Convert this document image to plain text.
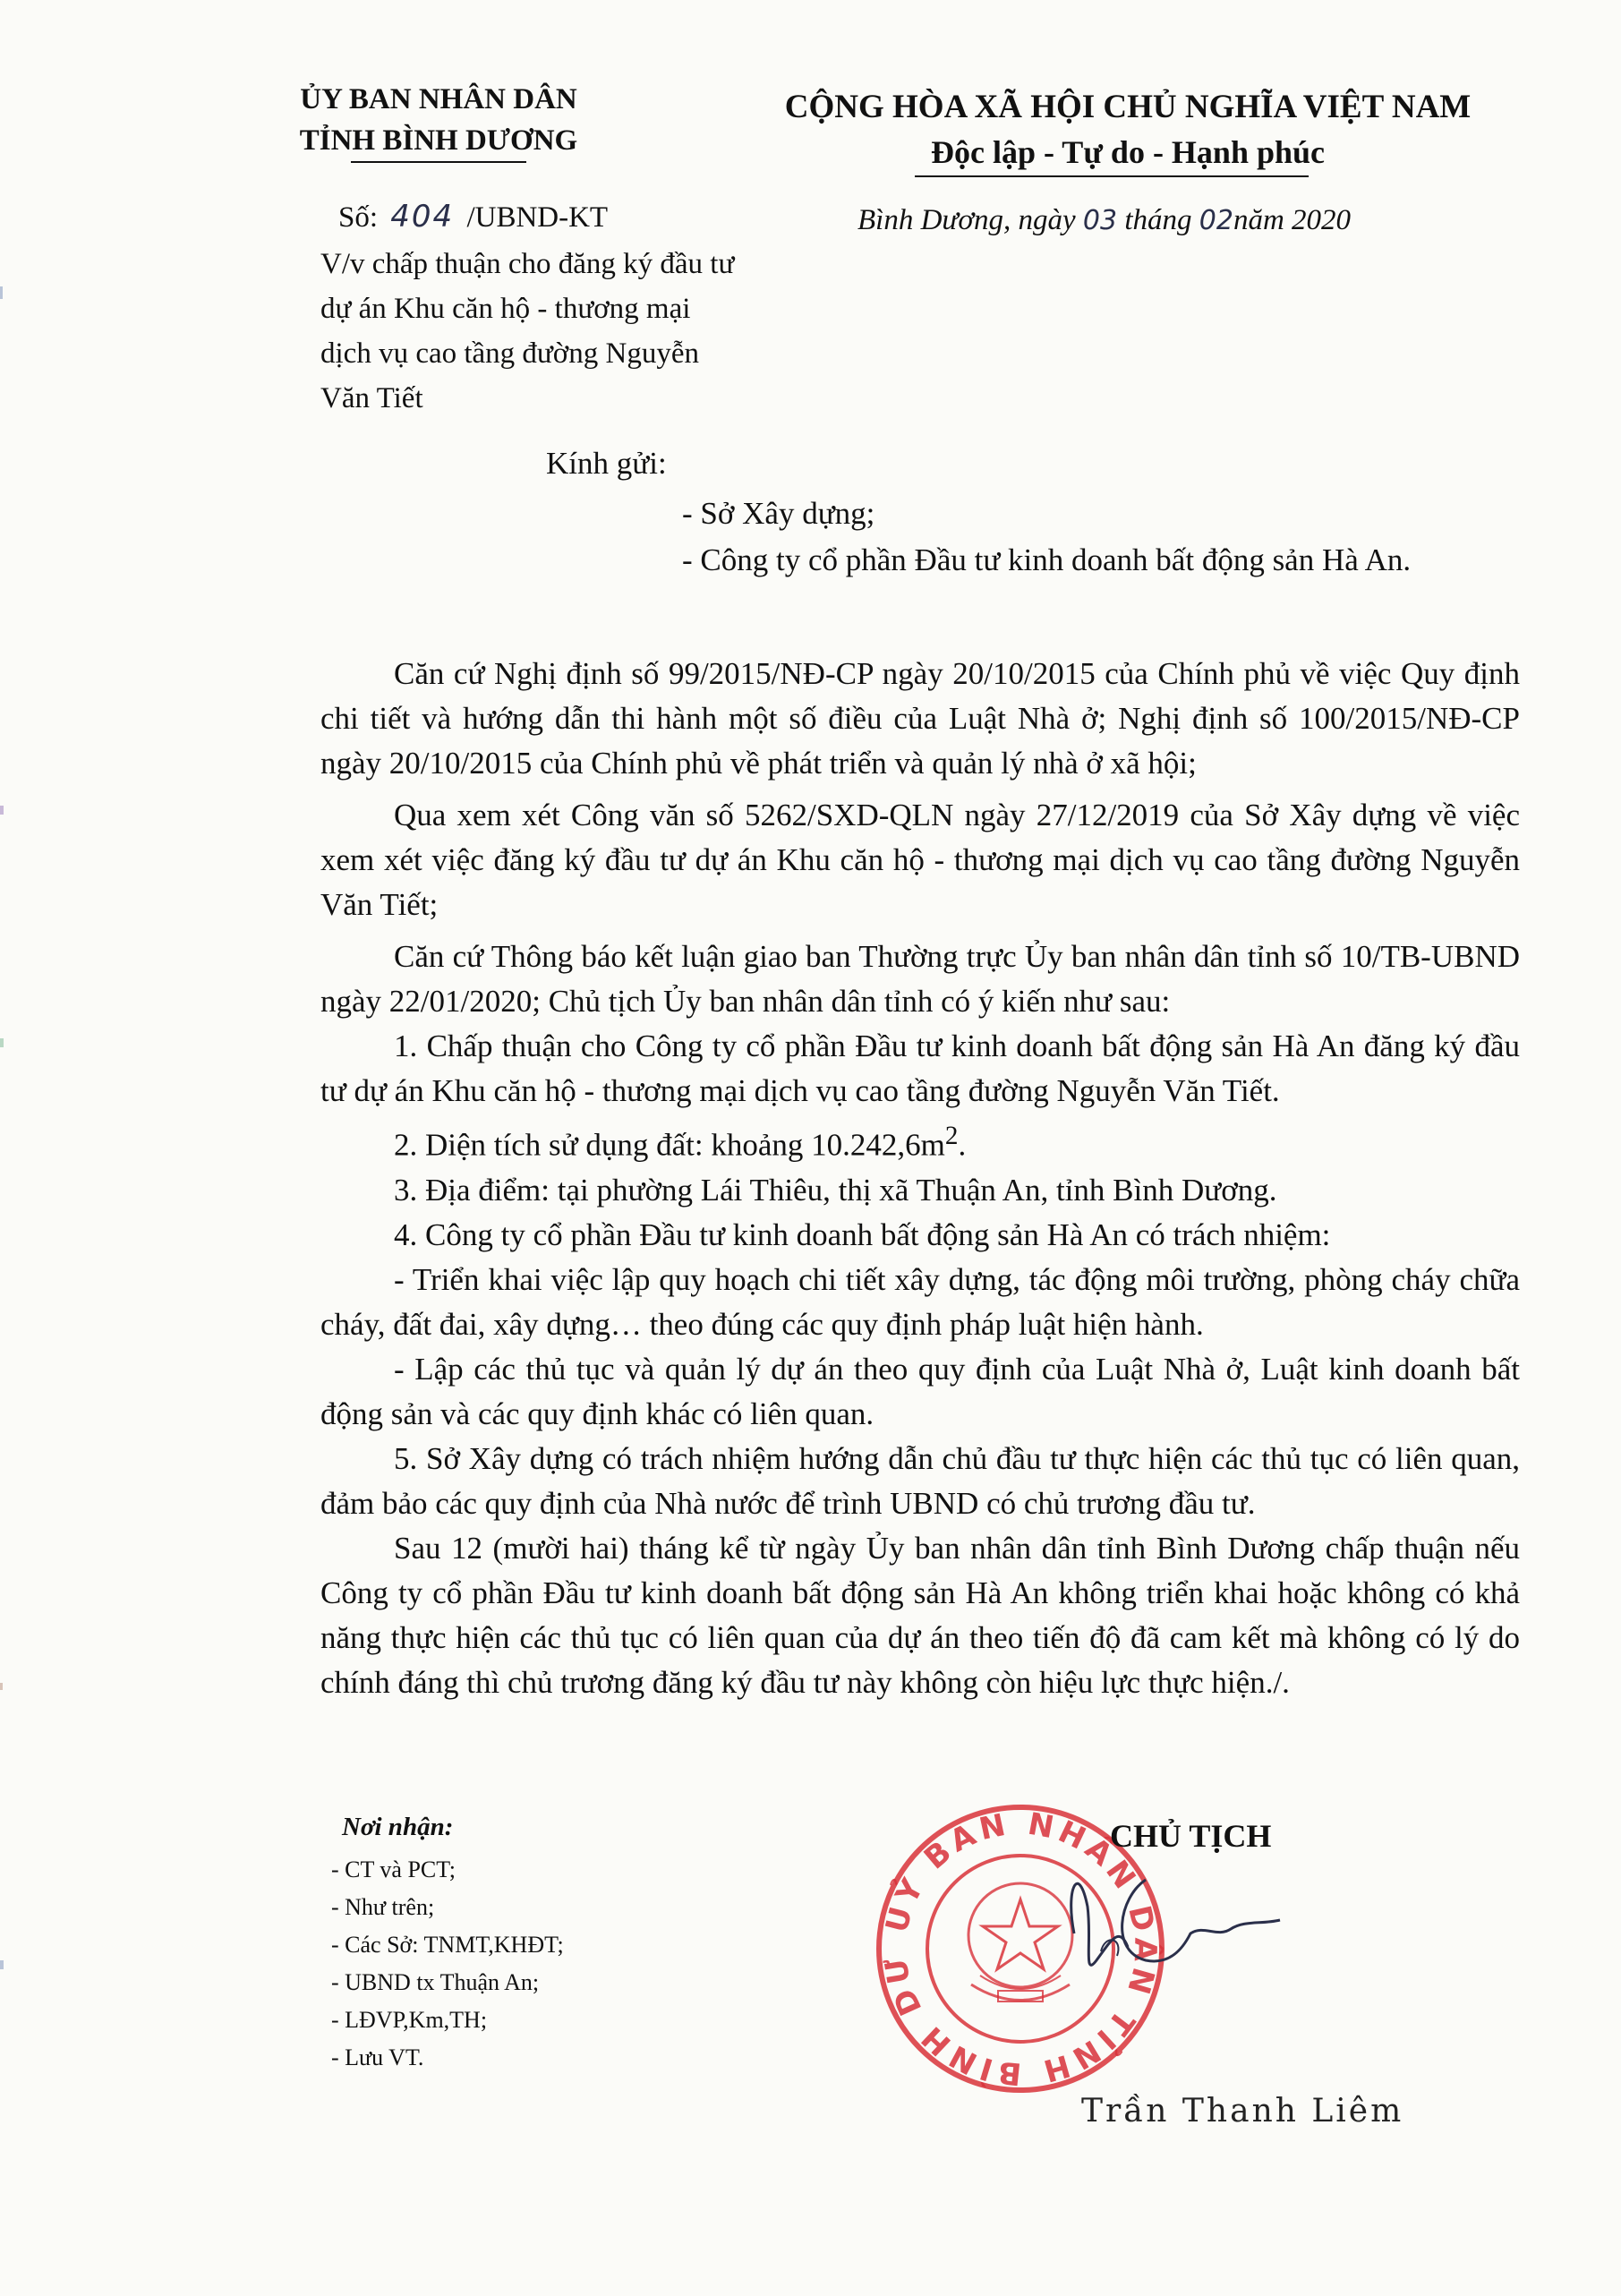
ỦY BAN NHÂN DÂN
TỈNH BÌNH DƯƠNG
CỘNG HÒA XÃ HỘI CHỦ NGHĨA VIỆT NAM
Độc lập - Tự do - Hạnh phúc
Số: 404 /UBND-KT
V/v chấp thuận cho đăng ký đầu tư dự án Khu căn hộ - thương mại dịch vụ cao tầng đường Nguyễn Văn Tiết
Bình Dương, ngày 03 tháng 02năm 2020
Kính gửi:
- Sở Xây dựng;
- Công ty cổ phần Đầu tư kinh doanh bất động sản Hà An.

Căn cứ Nghị định số 99/2015/NĐ-CP ngày 20/10/2015 của Chính phủ về việc Quy định chi tiết và hướng dẫn thi hành một số điều của Luật Nhà ở; Nghị định số 100/2015/NĐ-CP ngày 20/10/2015 của Chính phủ về phát triển và quản lý nhà ở xã hội;

Qua xem xét Công văn số 5262/SXD-QLN ngày 27/12/2019 của Sở Xây dựng về việc xem xét việc đăng ký đầu tư dự án Khu căn hộ - thương mại dịch vụ cao tầng đường Nguyễn Văn Tiết;

Căn cứ Thông báo kết luận giao ban Thường trực Ủy ban nhân dân tỉnh số 10/TB-UBND ngày 22/01/2020; Chủ tịch Ủy ban nhân dân tỉnh có ý kiến như sau:

1. Chấp thuận cho Công ty cổ phần Đầu tư kinh doanh bất động sản Hà An đăng ký đầu tư dự án Khu căn hộ - thương mại dịch vụ cao tầng đường Nguyễn Văn Tiết.

2. Diện tích sử dụng đất: khoảng $10.242,6m^2$.

3. Địa điểm: tại phường Lái Thiêu, thị xã Thuận An, tỉnh Bình Dương.

4. Công ty cổ phần Đầu tư kinh doanh bất động sản Hà An có trách nhiệm:

- Triển khai việc lập quy hoạch chi tiết xây dựng, tác động môi trường, phòng cháy chữa cháy, đất đai, xây dựng… theo đúng các quy định pháp luật hiện hành.

- Lập các thủ tục và quản lý dự án theo quy định của Luật Nhà ở, Luật kinh doanh bất động sản và các quy định khác có liên quan.

5. Sở Xây dựng có trách nhiệm hướng dẫn chủ đầu tư thực hiện các thủ tục có liên quan, đảm bảo các quy định của Nhà nước để trình UBND có chủ trương đầu tư.

Sau 12 (mười hai) tháng kể từ ngày Ủy ban nhân dân tỉnh Bình Dương chấp thuận nếu Công ty cổ phần Đầu tư kinh doanh bất động sản Hà An không triển khai hoặc không có khả năng thực hiện các thủ tục có liên quan của dự án theo tiến độ đã cam kết mà không có lý do chính đáng thì chủ trương đăng ký đầu tư này không còn hiệu lực thực hiện./.

Nơi nhận:
- CT và PCT;
- Như trên;
- Các Sở: TNMT,KHĐT;
- UBND tx Thuận An;
- LĐVP,Km,TH;
- Lưu VT.
UỶ BAN NHÂN DÂN TỈNH BÌNH DƯ
CHỦ TỊCH
Trần Thanh Liêm
